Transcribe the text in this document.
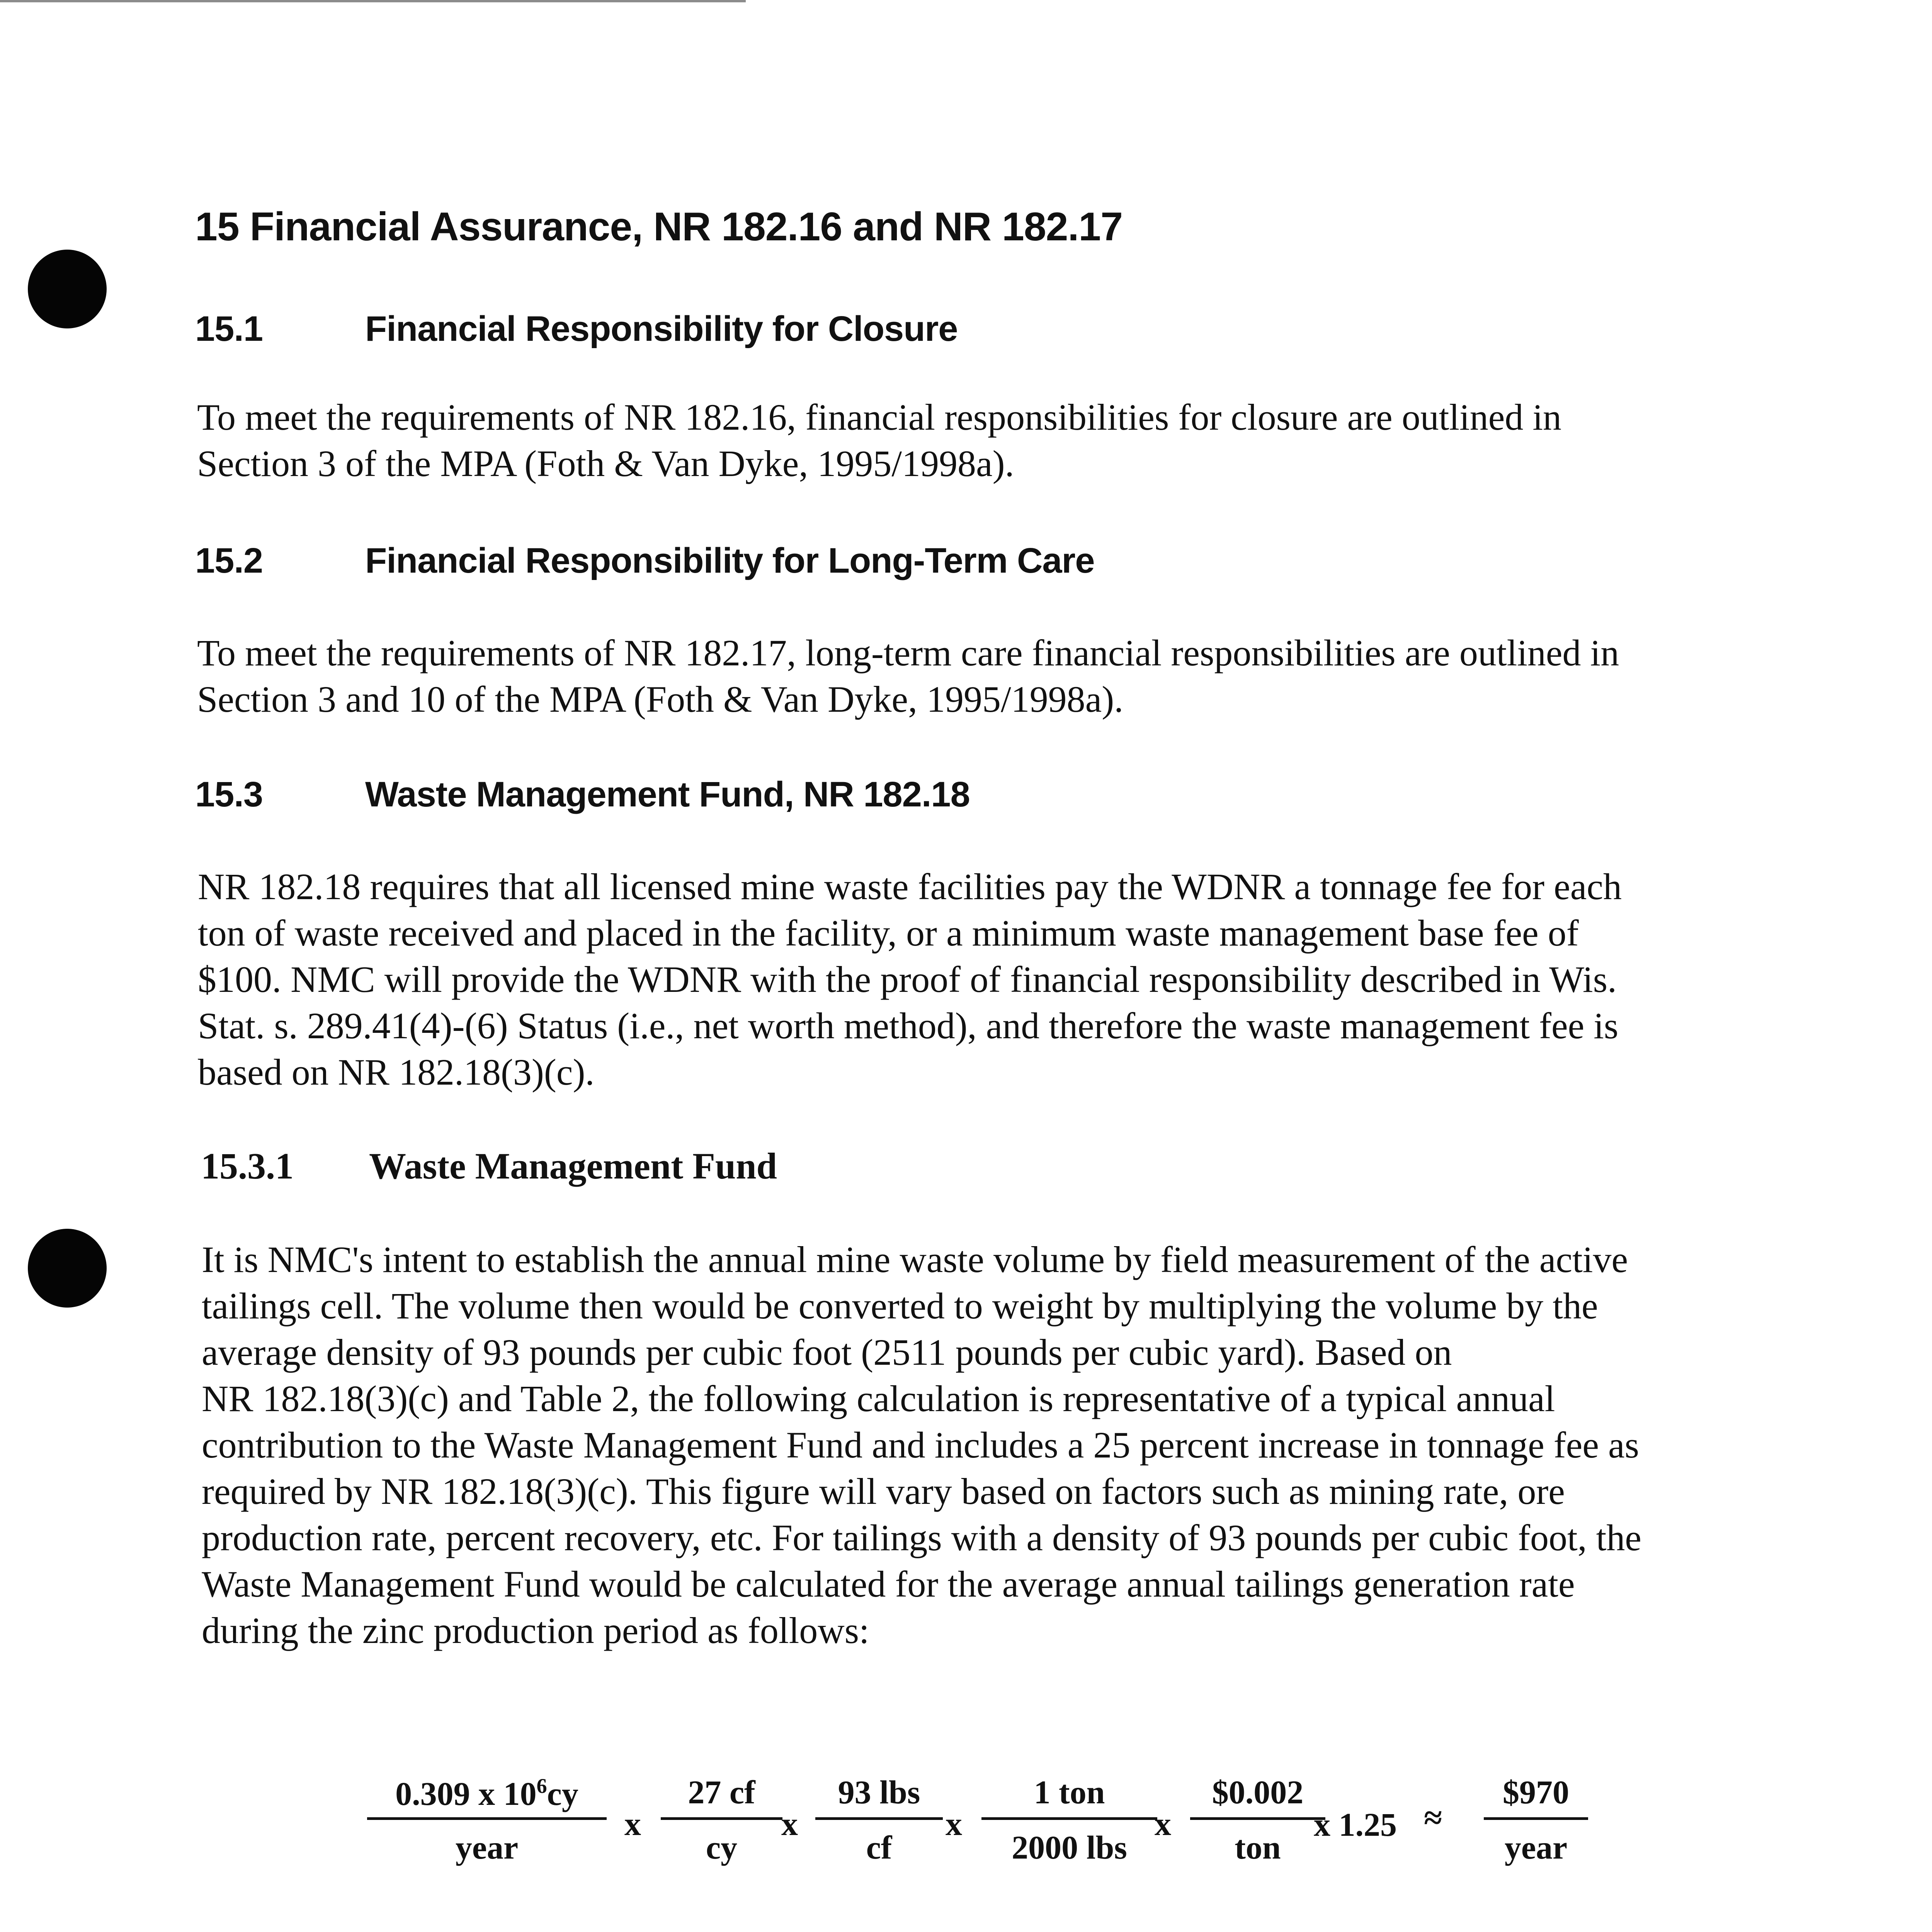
15 Financial Assurance, NR 182.16 and NR 182.17
15.1	Financial Responsibility for Closure

To meet the requirements of NR 182.16, financial responsibilities for closure are outlined in
Section 3 of the MPA (Foth & Van Dyke, 1995/1998a).

15.2	Financial Responsibility for Long-Term Care

To meet the requirements of NR 182.17, long-term care financial responsibilities are outlined in
Section 3 and 10 of the MPA (Foth & Van Dyke, 1995/1998a).

15.3	Waste Management Fund, NR 182.18

NR 182.18 requires that all licensed mine waste facilities pay the WDNR a tonnage fee for each
ton of waste received and placed in the facility, or a minimum waste management base fee of
$100. NMC will provide the WDNR with the proof of financial responsibility described in Wis.
Stat. s. 289.41(4)-(6) Status (i.e., net worth method), and therefore the waste management fee is
based on NR 182.18(3)(c).

15.3.1 Waste Management Fund

It is NMC's intent to establish the annual mine waste volume by field measurement of the active
tailings cell. The volume then would be converted to weight by multiplying the volume by the
average density of 93 pounds per cubic foot (2511 pounds per cubic yard). Based on
NR 182.18(3)(c) and Table 2, the following calculation is representative of a typical annual
contribution to the Waste Management Fund and includes a 25 percent increase in tonnage fee as
required by NR 182.18(3)(c). This figure will vary based on factors such as mining rate, ore
production rate, percent recovery, etc. For tailings with a density of 93 pounds per cubic foot, the
Waste Management Fund would be calculated for the average annual tailings generation rate
during the zinc production period as follows:

0.309 x $10^6cy$
year
x
27 cf
cy
x
93 lbs
cf
x
1 ton
2000 lbs
x
$0.002
ton
x 1.25 ≈
$970
year
